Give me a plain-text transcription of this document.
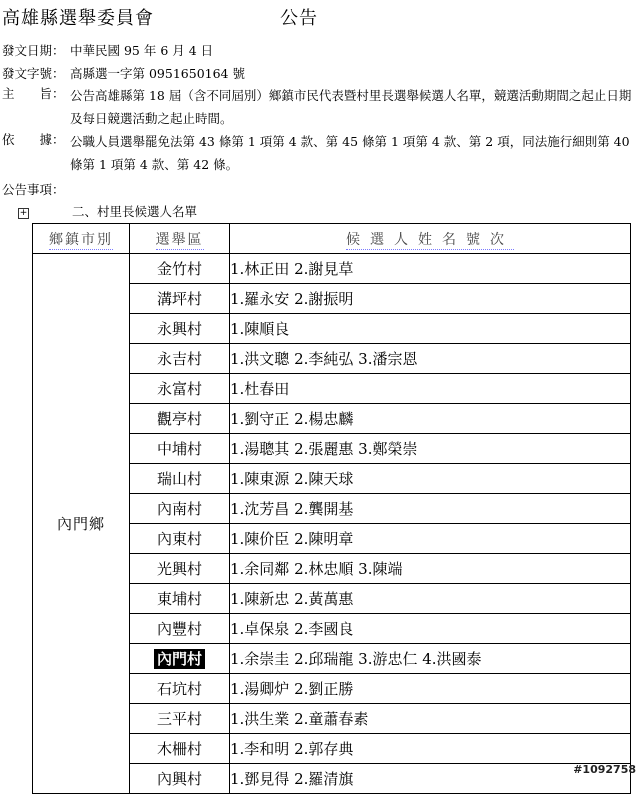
高雄縣選舉委員會	公告
發文日期： 中華民國 95 年 6 月 4 日
發文字號： 高縣選一字第 0951650164 號
主　　旨： 公告高雄縣第 18 屆（含不同屆別）鄉鎮市民代表暨村里長選舉候選人名單，競選活動期間之起止日期及每日競選活動之起止時間。
依　　據： 公職人員選舉罷免法第 43 條第 1 項第 4 款、第 45 條第 1 項第 4 款、第 2 項，同法施行細則第 40 條第 1 項第 4 款、第 42 條。
公告事項：
+	二、村里長候選人名單
鄉鎮市別	選舉區	候選人姓名號次
內門鄉	金竹村	1.林正田 2.謝見草
	溝坪村	1.羅永安 2.謝振明
	永興村	1.陳順良
	永吉村	1.洪文聰 2.李純弘 3.潘宗恩
	永富村	1.杜春田
	觀亭村	1.劉守正 2.楊忠麟
	中埔村	1.湯聰其 2.張麗惠 3.鄭榮崇
	瑞山村	1.陳東源 2.陳天球
	內南村	1.沈芳昌 2.龔開基
	內東村	1.陳价臣 2.陳明章
	光興村	1.余同鄰 2.林忠順 3.陳端
	東埔村	1.陳新忠 2.黃萬惠
	內豐村	1.卓保泉 2.李國良
	內門村	1.余崇圭 2.邱瑞龍 3.游忠仁 4.洪國泰
	石坑村	1.湯卿炉 2.劉正勝
	三平村	1.洪生業 2.童蕭春素
	木柵村	1.李和明 2.郭存典
	內興村	1.鄧見得 2.羅清旗
#1092758
